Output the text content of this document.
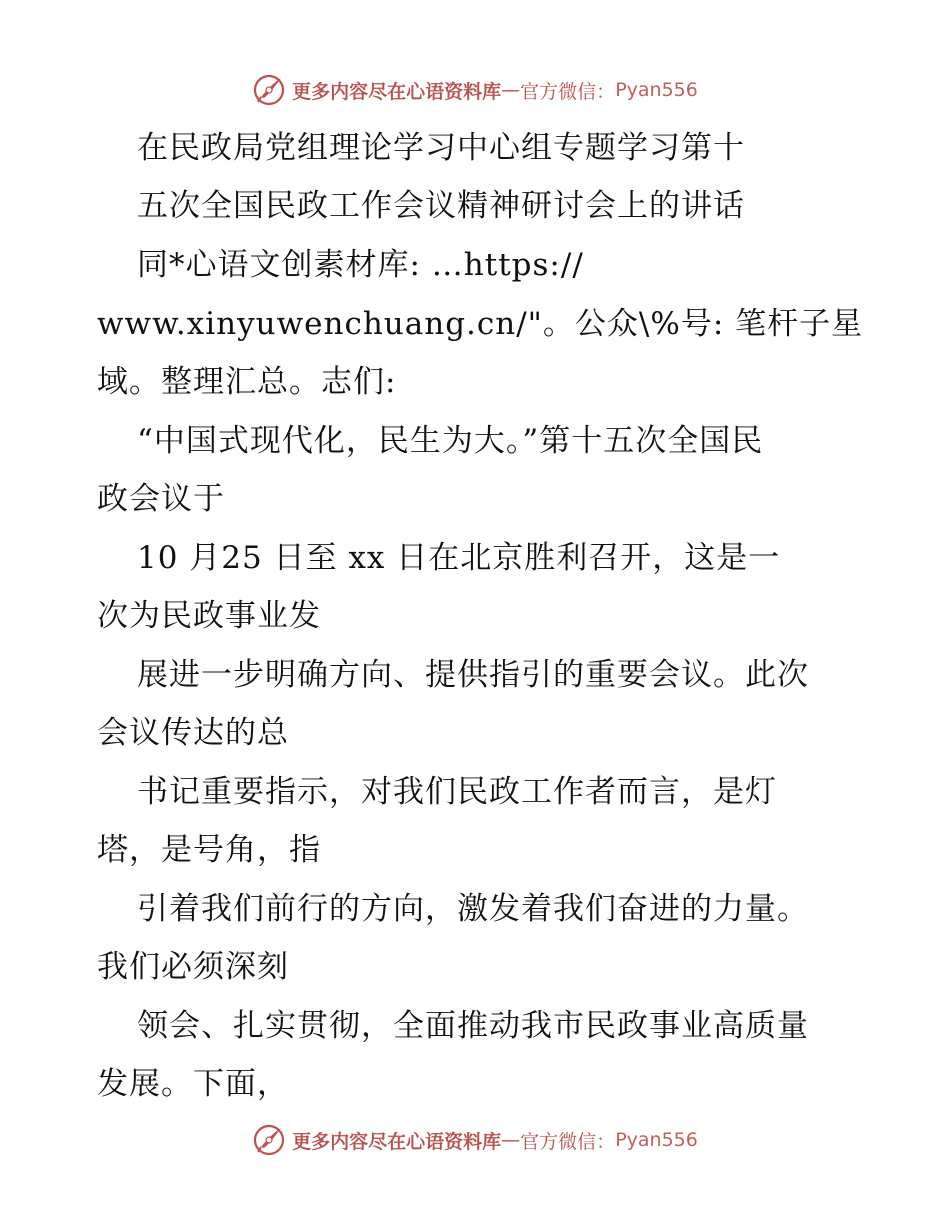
更多内容尽在心语资料库 — 官方微信： Pyan556
在民政局党组理论学习中心组专题学习第十
五次全国民政工作会议精神研讨会上的讲话
同*心语文创素材库: …https://
www.xinyuwenchuang.cn/"。公众\%号: 笔杆子星
域。整理汇总。志们:
“中国式现代化，民生为大。”第十五次全国民
政会议于
10 月25 日至 xx 日在北京胜利召开，这是一
次为民政事业发
展进一步明确方向、提供指引的重要会议。此次
会议传达的总
书记重要指示，对我们民政工作者而言，是灯
塔，是号角，指
引着我们前行的方向，激发着我们奋进的力量。
我们必须深刻
领会、扎实贯彻，全面推动我市民政事业高质量
发展。下面，
更多内容尽在心语资料库 — 官方微信： Pyan556
